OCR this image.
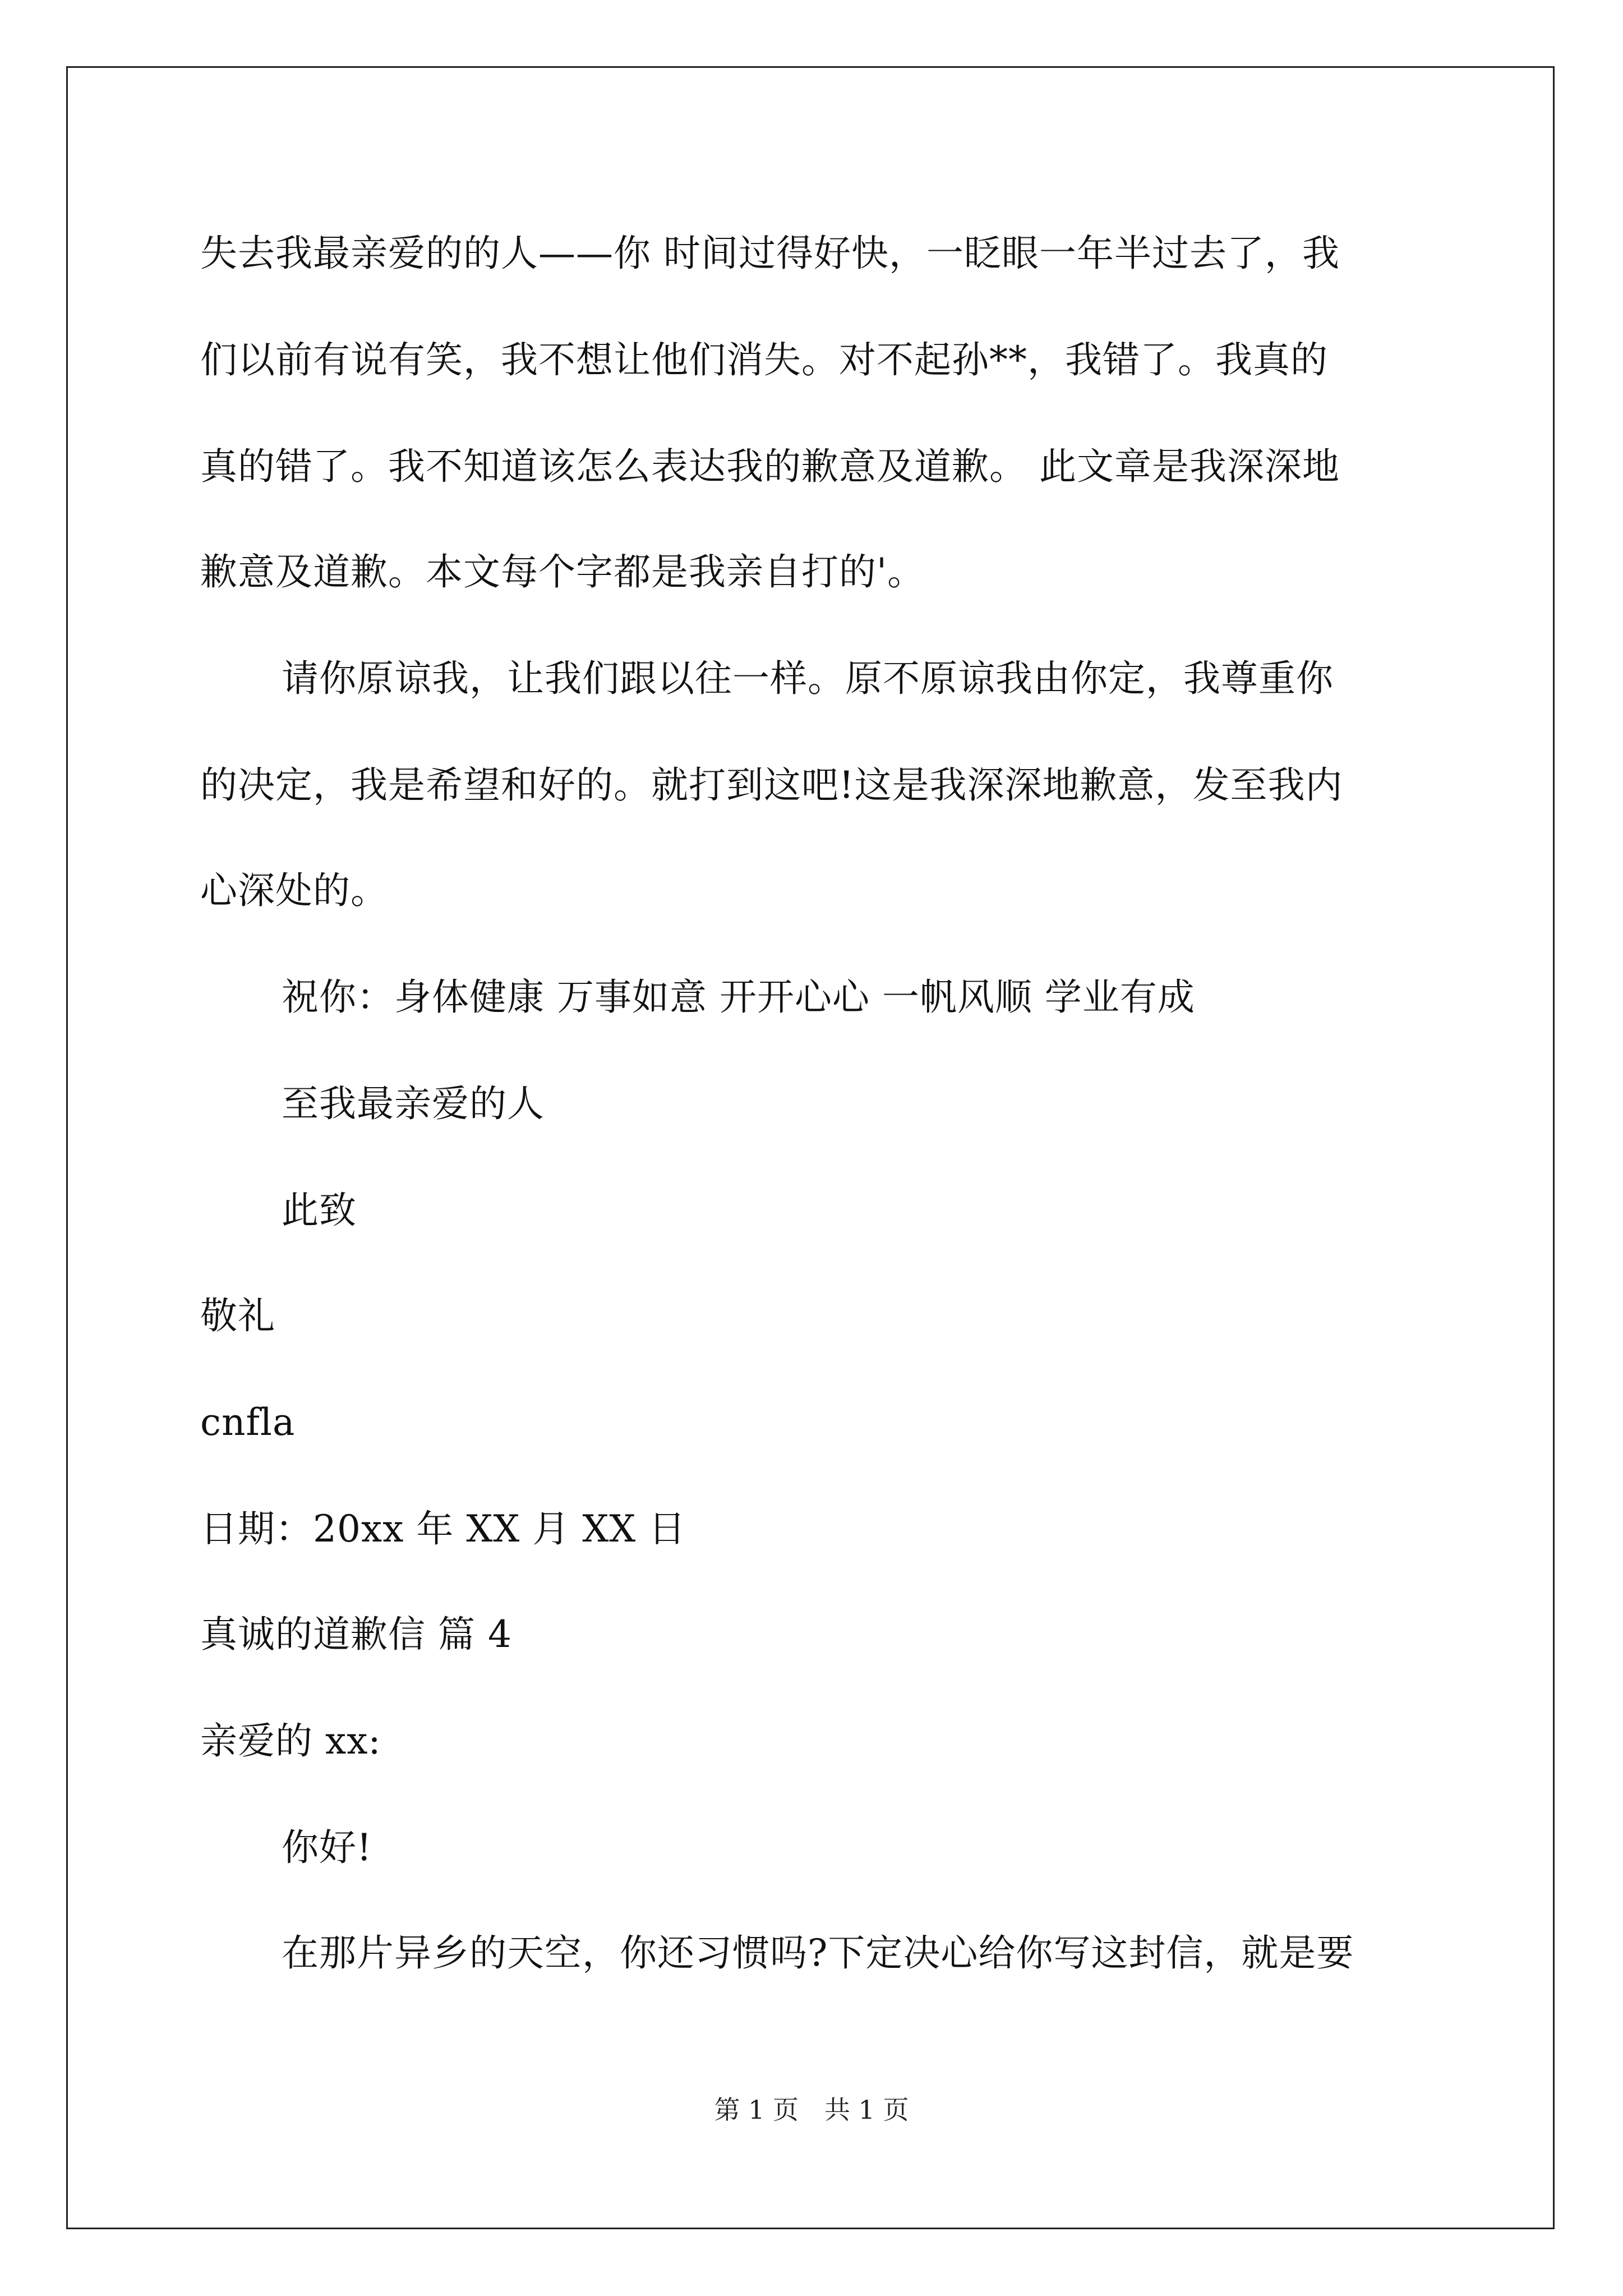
失去我最亲爱的的人——你 时间过得好快，一眨眼一年半过去了，我
们以前有说有笑，我不想让他们消失。对不起孙**，我错了。我真的
真的错了。我不知道该怎么表达我的歉意及道歉。 此文章是我深深地
歉意及道歉。本文每个字都是我亲自打的'。
请你原谅我，让我们跟以往一样。原不原谅我由你定，我尊重你
的决定，我是希望和好的。就打到这吧!这是我深深地歉意，发至我内
心深处的。
祝你：身体健康 万事如意 开开心心 一帆风顺 学业有成
至我最亲爱的人
此致
敬礼
cnfla
日期：20xx 年 XX 月 XX 日
真诚的道歉信 篇 4
亲爱的 xx:
你好!
在那片异乡的天空，你还习惯吗?下定决心给你写这封信，就是要
第 1 页　共 1 页
